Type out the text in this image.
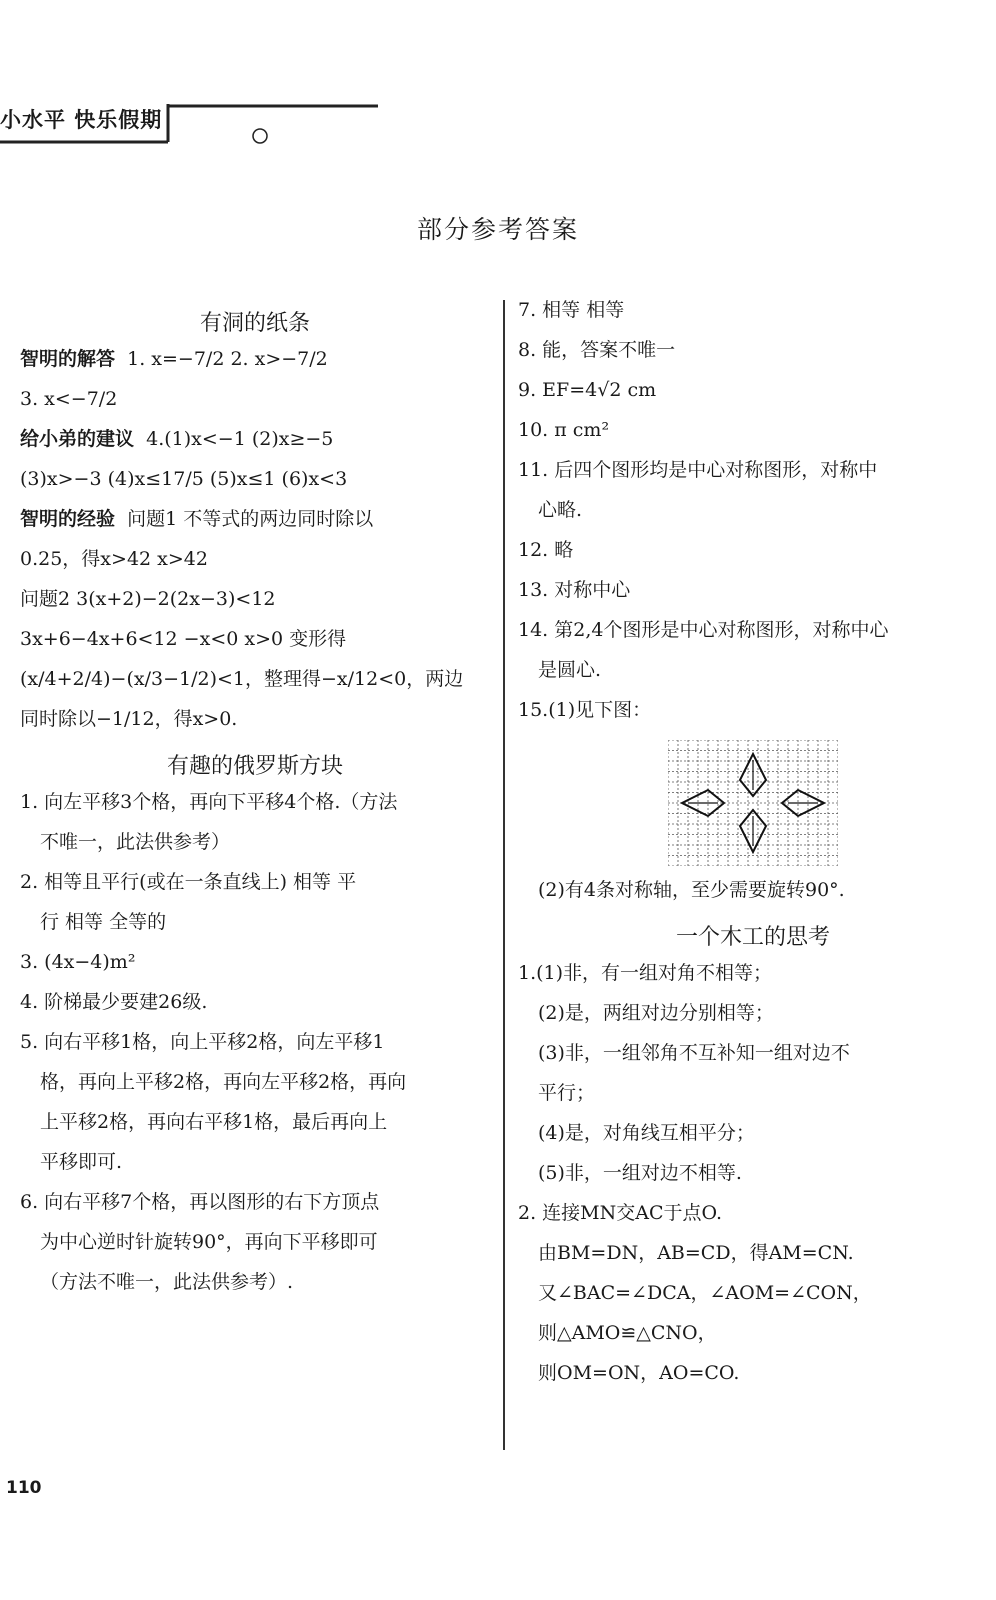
小水平 快乐假期
部分参考答案
有洞的纸条
智明的解答 1. x=−7/2 2. x>−7/2
3. x<−7/2
给小弟的建议 4.(1)x<−1 (2)x≥−5
(3)x>−3 (4)x≤17/5 (5)x≤1 (6)x<3
智明的经验 问题1 不等式的两边同时除以
0.25，得x>42 x>42
问题2 3(x+2)−2(2x−3)<12
3x+6−4x+6<12 −x<0 x>0 变形得
(x/4+2/4)−(x/3−1/2)<1，整理得−x/12<0，两边
同时除以−1/12，得x>0.
有趣的俄罗斯方块
1. 向左平移3个格，再向下平移4个格.（方法
不唯一，此法供参考）
2. 相等且平行(或在一条直线上) 相等 平
行 相等 全等的
3. (4x−4)m²
4. 阶梯最少要建26级.
5. 向右平移1格，向上平移2格，向左平移1
格，再向上平移2格，再向左平移2格，再向
上平移2格，再向右平移1格，最后再向上
平移即可.
6. 向右平移7个格，再以图形的右下方顶点
为中心逆时针旋转90°，再向下平移即可
（方法不唯一，此法供参考）.
7. 相等 相等
8. 能，答案不唯一
9. EF=4√2 cm
10. π cm²
11. 后四个图形均是中心对称图形，对称中
心略.
12. 略
13. 对称中心
14. 第2,4个图形是中心对称图形，对称中心
是圆心.
15.(1)见下图：
(2)有4条对称轴，至少需要旋转90°.
一个木工的思考
1.(1)非，有一组对角不相等；
(2)是，两组对边分别相等；
(3)非，一组邻角不互补知一组对边不
平行；
(4)是，对角线互相平分；
(5)非，一组对边不相等.
2. 连接MN交AC于点O.
由BM=DN，AB=CD，得AM=CN.
又∠BAC=∠DCA，∠AOM=∠CON，
则△AMO≌△CNO，
则OM=ON，AO=CO.
110
